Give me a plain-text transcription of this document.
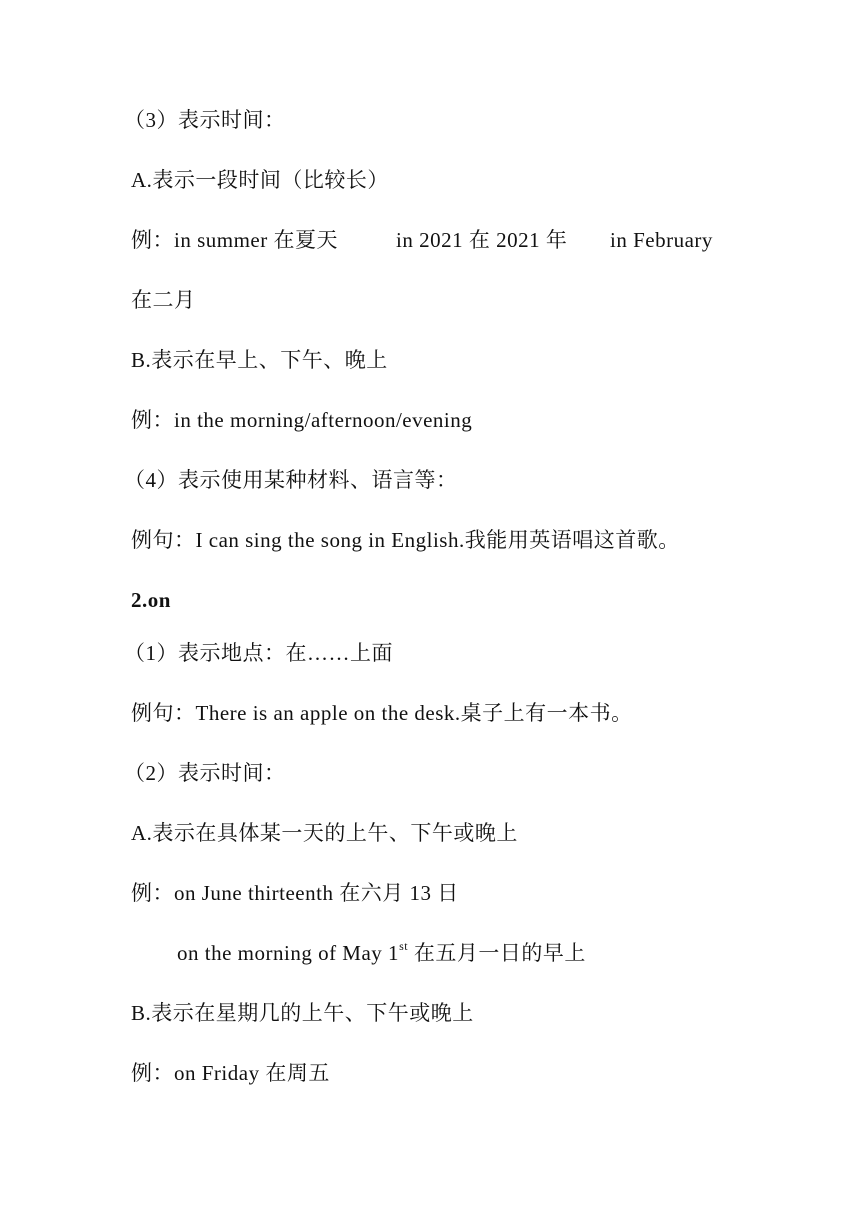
（3）表示时间：
A.表示一段时间（比较长）
例：in summer 在夏天	in 2021 在 2021 年 in February
在二月
B.表示在早上、下午、晚上
例：in the morning/afternoon/evening
（4）表示使用某种材料、语言等：
例句：I can sing the song in English.我能用英语唱这首歌。
2.on
（1）表示地点：在……上面
例句：There is an apple on the desk.桌子上有一本书。
（2）表示时间：
A.表示在具体某一天的上午、下午或晚上
例：on June thirteenth 在六月 13 日
on the morning of May 1st 在五月一日的早上
B.表示在星期几的上午、下午或晚上
例：on Friday 在周五
